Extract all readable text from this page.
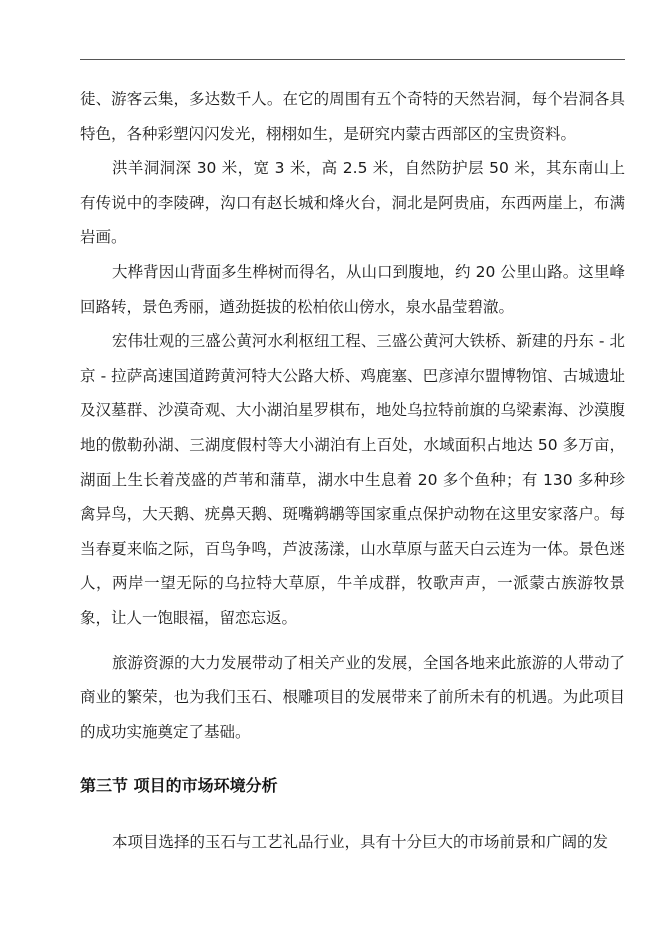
徒、游客云集，多达数千人。在它的周围有五个奇特的天然岩洞，每个岩洞各具特色，各种彩塑闪闪发光，栩栩如生，是研究内蒙古西部区的宝贵资料。

洪羊洞洞深 30 米，宽 3 米，高 2.5 米，自然防护层 50 米，其东南山上有传说中的李陵碑，沟口有赵长城和烽火台，洞北是阿贵庙，东西两崖上，布满岩画。

大桦背因山背面多生桦树而得名，从山口到腹地，约 20 公里山路。这里峰回路转，景色秀丽，遒劲挺拔的松柏依山傍水，泉水晶莹碧澈。

宏伟壮观的三盛公黄河水利枢纽工程、三盛公黄河大铁桥、新建的丹东 - 北京 - 拉萨高速国道跨黄河特大公路大桥、鸡鹿塞、巴彦淖尔盟博物馆、古城遗址及汉墓群、沙漠奇观、大小湖泊星罗棋布，地处乌拉特前旗的乌梁素海、沙漠腹地的傲勒孙湖、三湖度假村等大小湖泊有上百处，水域面积占地达 50 多万亩，湖面上生长着茂盛的芦苇和蒲草，湖水中生息着 20 多个鱼种；有 130 多种珍禽异鸟，大天鹅、疣鼻天鹅、斑嘴鹈鹕等国家重点保护动物在这里安家落户。每当春夏来临之际，百鸟争鸣，芦波荡漾，山水草原与蓝天白云连为一体。景色迷人，两岸一望无际的乌拉特大草原，牛羊成群，牧歌声声，一派蒙古族游牧景象，让人一饱眼福，留恋忘返。

旅游资源的大力发展带动了相关产业的发展，全国各地来此旅游的人带动了商业的繁荣，也为我们玉石、根雕项目的发展带来了前所未有的机遇。为此项目的成功实施奠定了基础。

第三节 项目的市场环境分析

本项目选择的玉石与工艺礼品行业，具有十分巨大的市场前景和广阔的发
